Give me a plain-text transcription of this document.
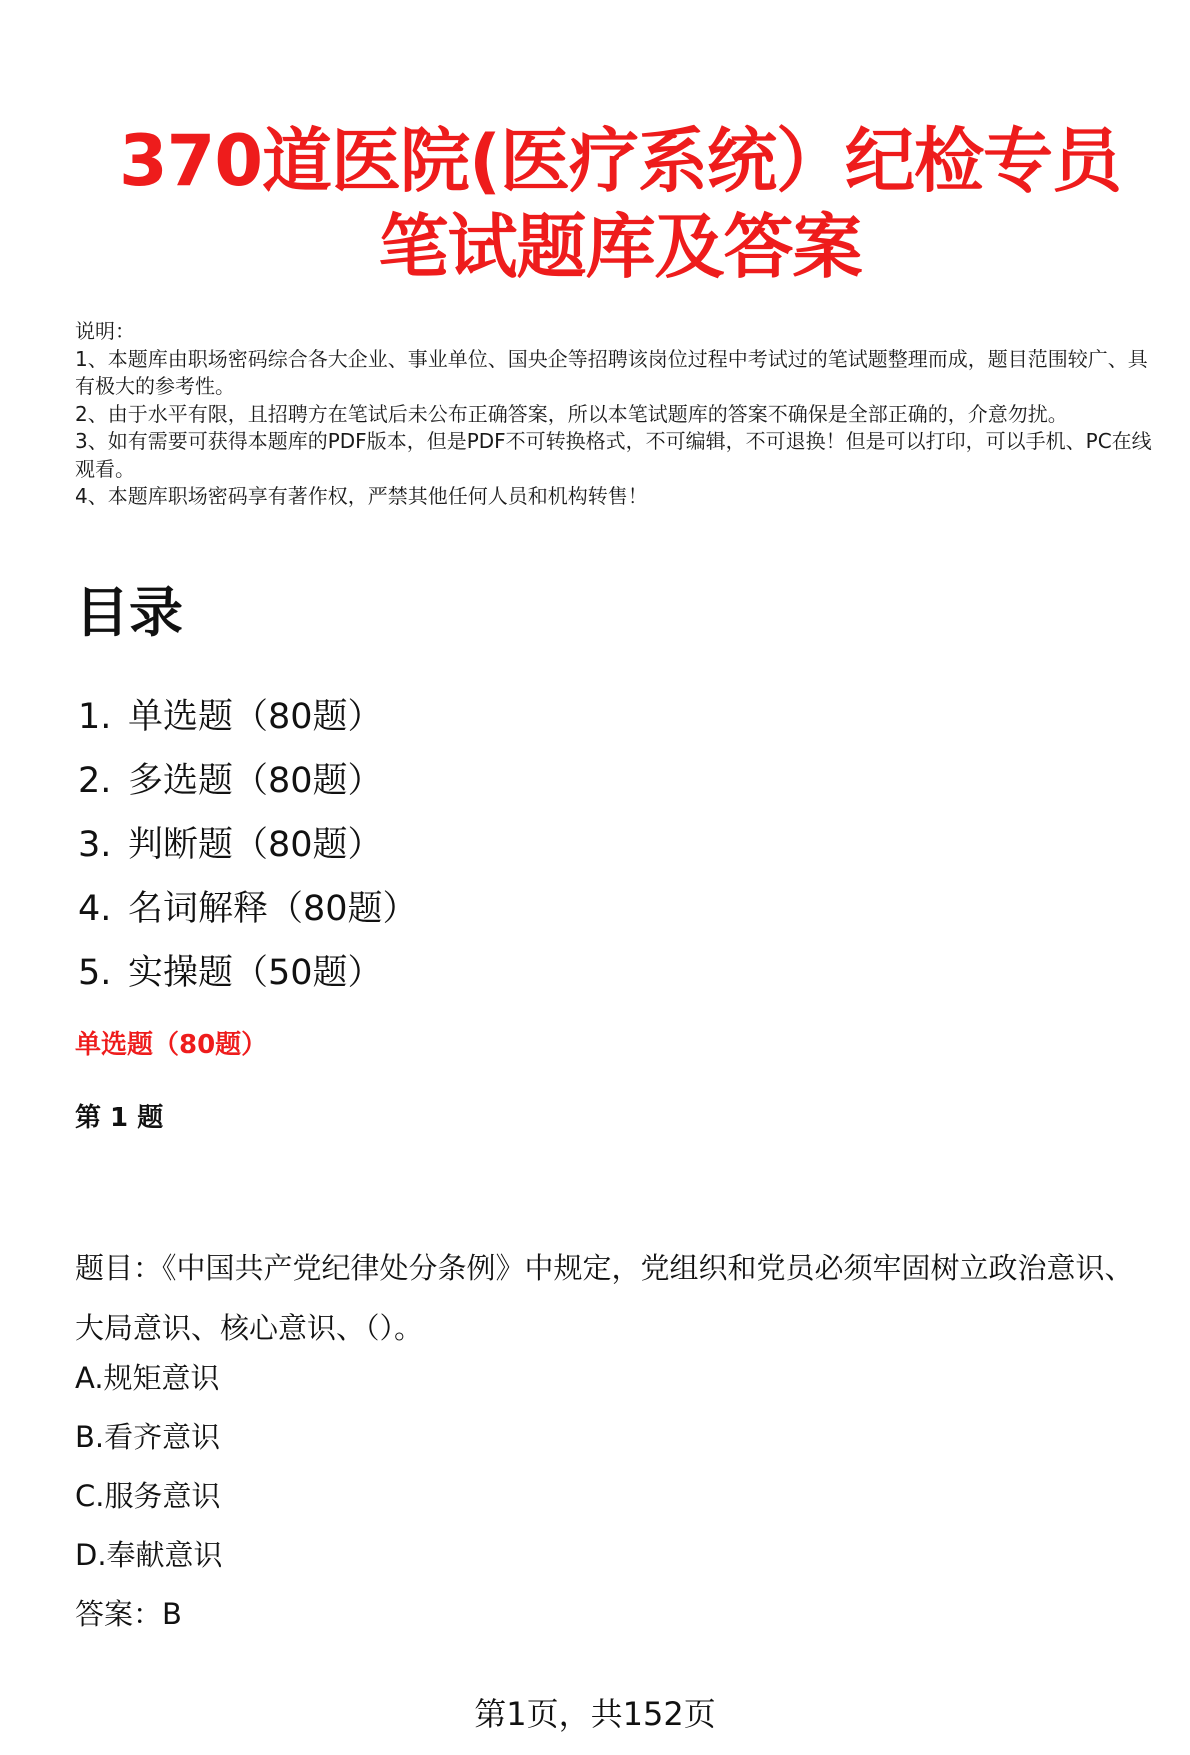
370道医院(医疗系统）纪检专员笔试题库及答案

说明：

1、本题库由职场密码综合各大企业、事业单位、国央企等招聘该岗位过程中考试过的笔试题整理而成，题目范围较广、具有极大的参考性。

2、由于水平有限，且招聘方在笔试后未公布正确答案，所以本笔试题库的答案不确保是全部正确的，介意勿扰。

3、如有需要可获得本题库的PDF版本，但是PDF不可转换格式，不可编辑，不可退换！但是可以打印，可以手机、PC在线观看。

4、本题库职场密码享有著作权，严禁其他任何人员和机构转售！

目录
1. 单选题（80题）
2. 多选题（80题）
3. 判断题（80题）
4. 名词解释（80题）
5. 实操题（50题）
单选题（80题）
第 1 题

题目：《中国共产党纪律处分条例》中规定，党组织和党员必须牢固树立政治意识、大局意识、核心意识、（）。

A.规矩意识

B.看齐意识

C.服务意识

D.奉献意识

答案：B

第1页，共152页
